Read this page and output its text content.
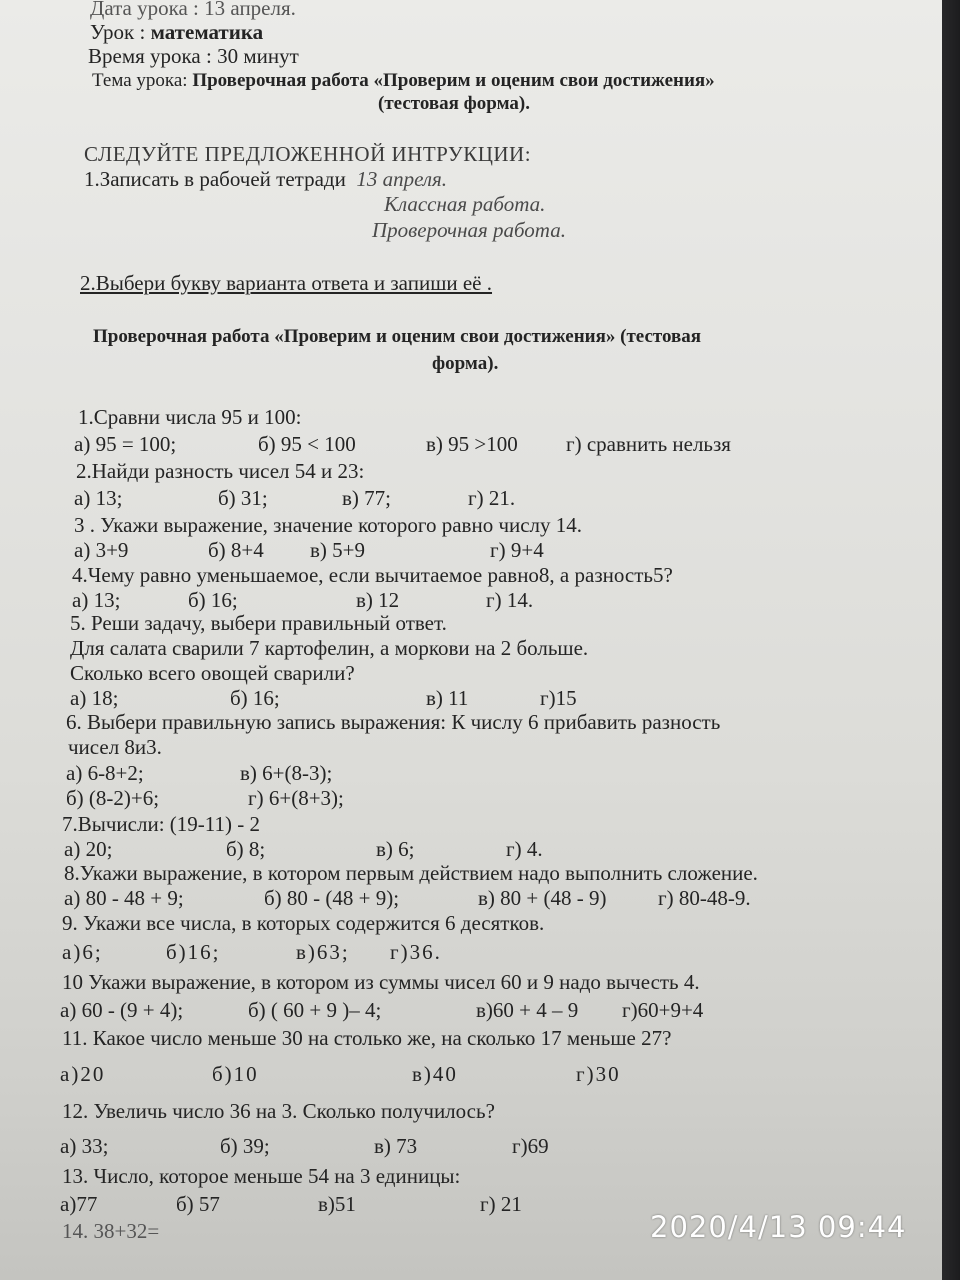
Дата урока : 13 апреля.

Урок : математика

Время урока : 30 минут

Тема урока: Проверочная работа «Проверим и оценим свои достижения»

(тестовая форма).

СЛЕДУЙТЕ ПРЕДЛОЖЕННОЙ ИНТРУКЦИИ:

1.Записать в рабочей тетради 13 апреля.

Классная работа.

Проверочная работа.

2.Выбери букву варианта ответа и запиши её .

Проверочная работа «Проверим и оценим свои достижения» (тестовая

форма).

1.Сравни числа 95 и 100:

а) 95 = 100;	б) 95 < 100	в) 95 >100 г) сравнить нельзя

2.Найди разность чисел 54 и 23:

а) 13;	б) 31;	в) 77;	г) 21.

3 . Укажи выражение, значение которого равно числу 14.

а) 3+9	б) 8+4 в) 5+9	г) 9+4

4.Чему равно уменьшаемое, если вычитаемое равно8, а разность5?

а) 13;	б) 16;	в) 12	г) 14.

5. Реши задачу, выбери правильный ответ.

Для салата сварили 7 картофелин, а моркови на 2 больше.

Сколько всего овощей сварили?

а) 18;	б) 16;	в) 11	г)15

6. Выбери правильную запись выражения: К числу 6 прибавить разность

чисел 8и3.

а) 6-8+2;	в) 6+(8-3);

б) (8-2)+6;	г) 6+(8+3);

7.Вычисли: (19-11) - 2

а) 20;	б) 8;	в) 6;	г) 4.

8.Укажи выражение, в котором первым действием надо выполнить сложение.

а) 80 - 48 + 9;	б) 80 - (48 + 9);	в) 80 + (48 - 9) г) 80-48-9.

9. Укажи все числа, в которых содержится 6 десятков.

а)6;	б)16;	в)63; г)36.

10 Укажи выражение, в котором из суммы чисел 60 и 9 надо вычесть 4.

а) 60 - (9 + 4);	б) ( 60 + 9 )– 4;	в)60 + 4 – 9 г)60+9+4

11. Какое число меньше 30 на столько же, на сколько 17 меньше 27?

а)20	б)10	в)40	г)30

12. Увеличь число 36 на 3. Сколько получилось?

а) 33;	б) 39;	в) 73	г)69

13. Число, которое меньше 54 на 3 единицы:

а)77	б) 57	в)51	г) 21

14. 38+32=	2020/4/13 09:44
